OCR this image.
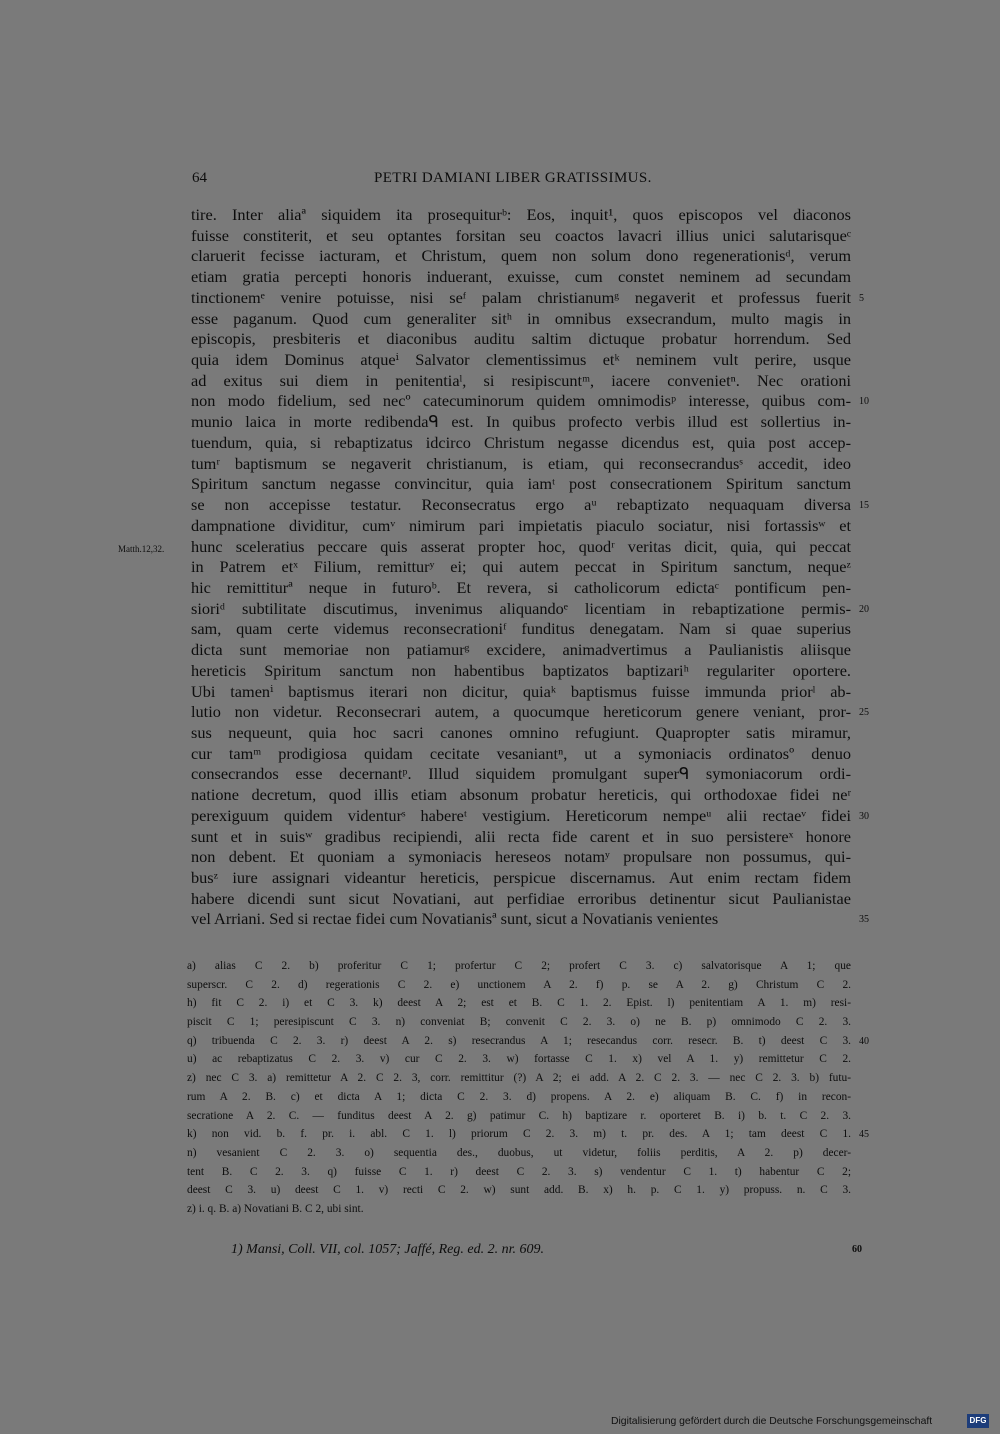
64	PETRI DAMIANI LIBER GRATISSIMUS.
Matth.12,32.
tire. Inter aliaª siquidem ita prosequiturᵇ: Eos, inquit¹, quos episcopos vel diaconos
fuisse constiterit, et seu optantes forsitan seu coactos lavacri illius unici salutarisqueᶜ
claruerit fecisse iacturam, et Christum, quem non solum dono regenerationisᵈ, verum
etiam gratia percepti honoris induerant, exuisse, cum constet neminem ad secundam
tinctionemᵉ venire potuisse, nisi seᶠ palam christianumᵍ negaverit et professus fuerit
esse paganum. Quod cum generaliter sitʰ in omnibus exsecrandum, multo magis in
episcopis, presbiteris et diaconibus auditu saltim dictuque probatur horrendum. Sed
quia idem Dominus atqueⁱ Salvator clementissimus etᵏ neminem vult perire, usque
ad exitus sui diem in penitentiaˡ, si resipiscuntᵐ, iacere convenietⁿ. Nec orationi
non modo fidelium, sed necº catecuminorum quidem omnimodisᵖ interesse, quibus com-
munio laica in morte redibendaᑫ est. In quibus profecto verbis illud est sollertius in-
tuendum, quia, si rebaptizatus idcirco Christum negasse dicendus est, quia post accep-
tumʳ baptismum se negaverit christianum, is etiam, qui reconsecrandusˢ accedit, ideo
Spiritum sanctum negasse convincitur, quia iamᵗ post consecrationem Spiritum sanctum
se non accepisse testatur. Reconsecratus ergo aᵘ rebaptizato nequaquam diversa
dampnatione dividitur, cumᵛ nimirum pari impietatis piaculo sociatur, nisi fortassisʷ et
hunc sceleratius peccare quis asserat propter hoc, quodʳ veritas dicit, quia, qui peccat
in Patrem etˣ Filium, remitturʸ ei; qui autem peccat in Spiritum sanctum, nequeᶻ
hic remittiturª neque in futuroᵇ. Et revera, si catholicorum edictaᶜ pontificum pen-
sioriᵈ subtilitate discutimus, invenimus aliquandoᵉ licentiam in rebaptizatione permis-
sam, quam certe videmus reconsecrationiᶠ funditus denegatam. Nam si quae superius
dicta sunt memoriae non patiamurᵍ excidere, animadvertimus a Paulianistis aliisque
hereticis Spiritum sanctum non habentibus baptizatos baptizariʰ regulariter oportere.
Ubi tamenⁱ baptismus iterari non dicitur, quiaᵏ baptismus fuisse immunda priorˡ ab-
lutio non videtur. Reconsecrari autem, a quocumque hereticorum genere veniant, pror-
sus nequeunt, quia hoc sacri canones omnino refugiunt. Quapropter satis miramur,
cur tamᵐ prodigiosa quidam cecitate vesaniantⁿ, ut a symoniacis ordinatosº denuo
consecrandos esse decernantᵖ. Illud siquidem promulgant superᑫ symoniacorum ordi-
natione decretum, quod illis etiam absonum probatur hereticis, qui orthodoxae fidei neʳ
perexiguum quidem videnturˢ habereᵗ vestigium. Hereticorum nempeᵘ alii rectaeᵛ fidei
sunt et in suisʷ gradibus recipiendi, alii recta fide carent et in suo persistereˣ honore
non debent. Et quoniam a symoniacis hereseos notamʸ propulsare non possumus, qui-
busᶻ iure assignari videantur hereticis, perspicue discernamus. Aut enim rectam fidem
habere dicendi sunt sicut Novatiani, aut perfidiae erroribus detinentur sicut Paulianistae
vel Arriani. Sed si rectae fidei cum Novatianisª sunt, sicut a Novatianis venientes
5
10
15
20
25
30
35
a) alias C 2. b) proferitur C 1; profertur C 2; profert C 3. c) salvatorisque A 1; que
superscr. C 2. d) regerationis C 2. e) unctionem A 2. f) p. se A 2. g) Christum C 2.
h) fit C 2. i) et C 3. k) deest A 2; est et B. C 1. 2. Epist. l) penitentiam A 1. m) resi-
piscit C 1; peresipiscunt C 3. n) conveniat B; convenit C 2. 3. o) ne B. p) omnimodo C 2. 3.
q) tribuenda C 2. 3. r) deest A 2. s) resecrandus A 1; resecandus corr. resecr. B. t) deest C 3.
u) ac rebaptizatus C 2. 3. v) cur C 2. 3. w) fortasse C 1. x) vel A 1. y) remittetur C 2.
z) nec C 3. a) remittetur A 2. C 2. 3, corr. remittitur (?) A 2; ei add. A 2. C 2. 3. — nec C 2. 3. b) futu-
rum A 2. B. c) et dicta A 1; dicta C 2. 3. d) propens. A 2. e) aliquam B. C. f) in recon-
secratione A 2. C. — funditus deest A 2. g) patimur C. h) baptizare r. oporteret B. i) b. t. C 2. 3.
k) non vid. b. f. pr. i. abl. C 1. l) priorum C 2. 3. m) t. pr. des. A 1; tam deest C 1.
n) vesanient C 2. 3. o) sequentia des., duobus, ut videtur, foliis perditis, A 2. p) decer-
tent B. C 2. 3. q) fuisse C 1. r) deest C 2. 3. s) vendentur C 1. t) habentur C 2;
deest C 3. u) deest C 1. v) recti C 2. w) sunt add. B. x) h. p. C 1. y) propuss. n. C 3.
z) i. q. B. a) Novatiani B. C 2, ubi sint.
40
45
1) Mansi, Coll. VII, col. 1057; Jaffé, Reg. ed. 2. nr. 609.	60
Digitalisierung gefördert durch die Deutsche Forschungsgemeinschaft	DFG
